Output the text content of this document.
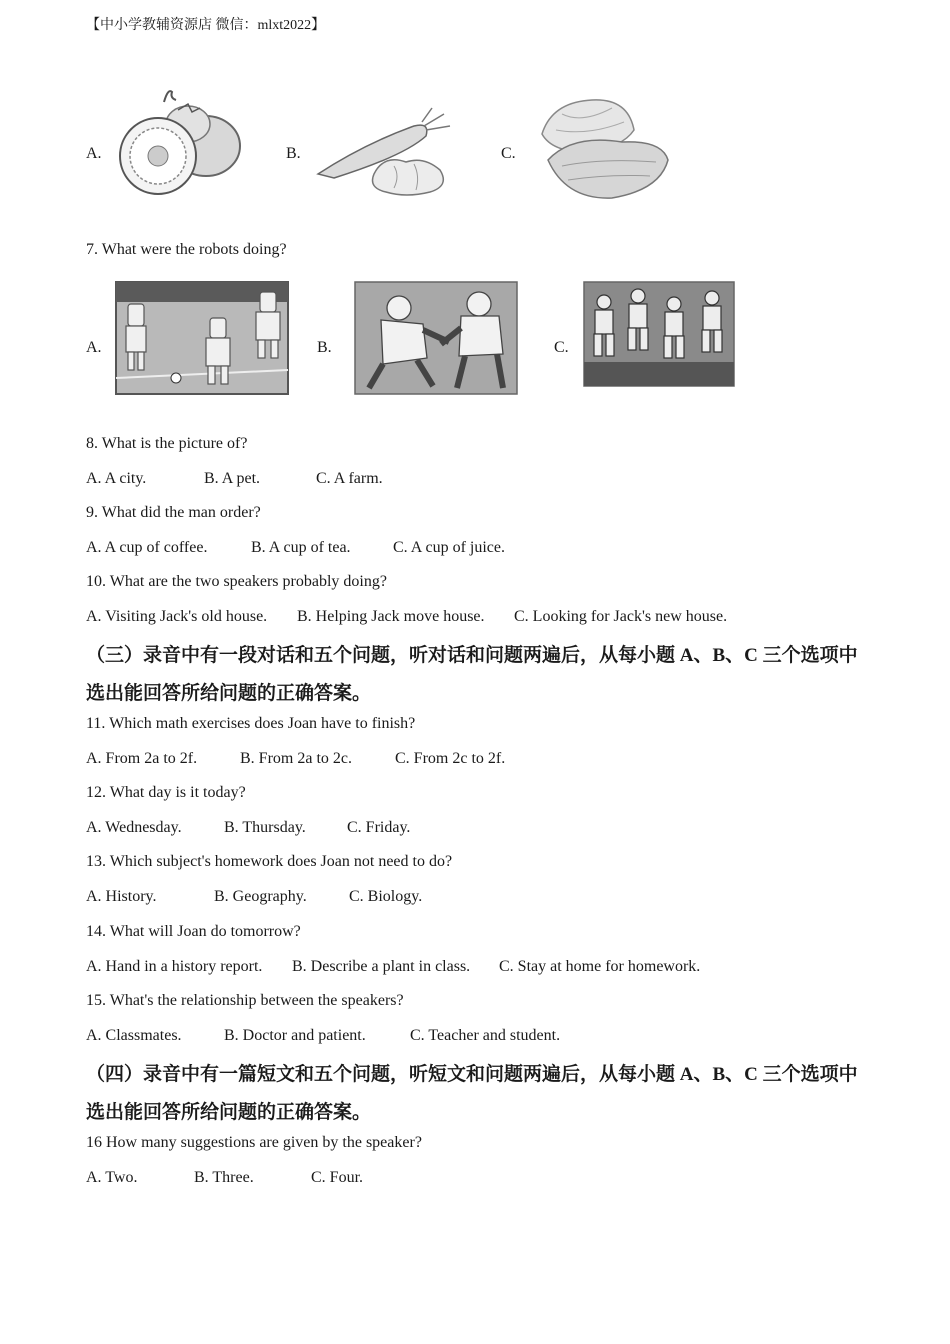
【中小学教辅资源店 微信：mlxt2022】
A.	B.	C.
7. What were the robots doing?
A.	B.	C.
8. What is the picture of?
A. A city.	B. A pet.	C. A farm.
9. What did the man order?
A. A cup of coffee.	B. A cup of tea.	C. A cup of juice.
10. What are the two speakers probably doing?
A. Visiting Jack's old house. B. Helping Jack move house. C. Looking for Jack's new house.
（三）录音中有一段对话和五个问题，听对话和问题两遍后，从每小题 A、B、C 三个选项中
选出能回答所给问题的正确答案。
11. Which math exercises does Joan have to finish?
A. From 2a to 2f.	B. From 2a to 2c.	C. From 2c to 2f.
12. What day is it today?
A. Wednesday.	B. Thursday.	C. Friday.
13. Which subject's homework does Joan not need to do?
A. History.	B. Geography.	C. Biology.
14. What will Joan do tomorrow?
A. Hand in a history report. B. Describe a plant in class. C. Stay at home for homework.
15. What's the relationship between the speakers?
A. Classmates.	B. Doctor and patient.	C. Teacher and student.
（四）录音中有一篇短文和五个问题，听短文和问题两遍后，从每小题 A、B、C 三个选项中
选出能回答所给问题的正确答案。
16 How many suggestions are given by the speaker?
A. Two.	B. Three.	C. Four.
